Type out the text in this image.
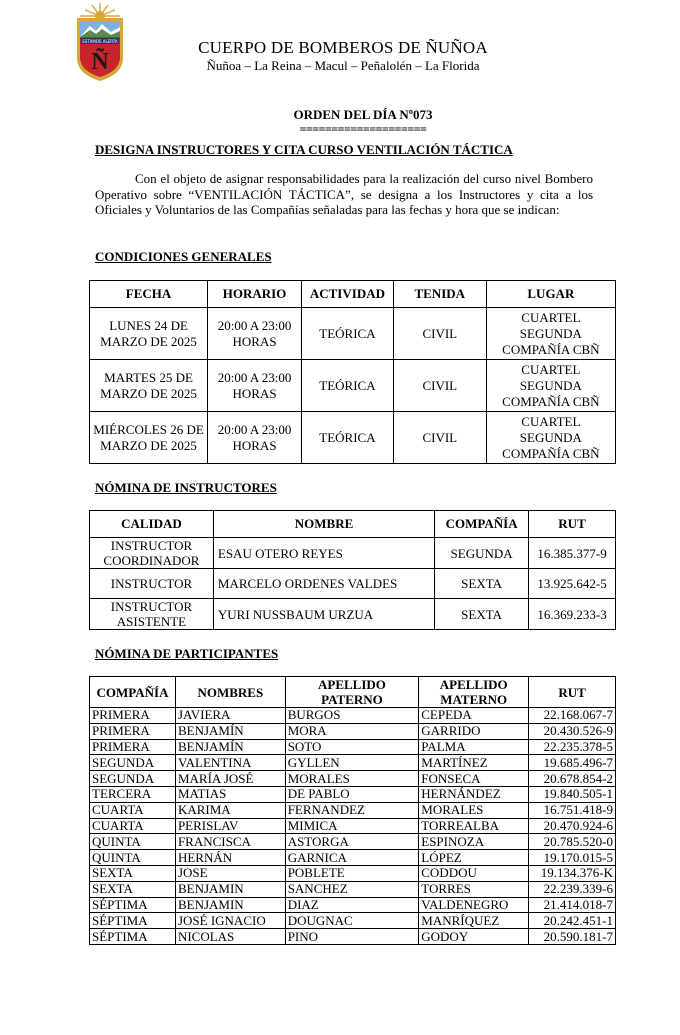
ESTAMOS ALERTA
Ñ
CUERPO DE BOMBEROS DE ÑUÑOA
Ñuñoa – La Reina – Macul – Peñalolén – La Florida
ORDEN DEL DÍA Nº073
====================
DESIGNA INSTRUCTORES Y CITA CURSO VENTILACIÓN TÁCTICA

Con el objeto de asignar responsabilidades para la realización del curso nivel Bombero Operativo sobre “VENTILACIÓN TÁCTICA”, se designa a los Instructores y cita a los Oficiales y Voluntarios de las Compañías señaladas para las fechas y hora que se indican:

CONDICIONES GENERALES
FECHA	HORARIO	ACTIVIDAD	TENIDA	LUGAR
LUNES 24 DE MARZO DE 2025	20:00 A 23:00 HORAS	TEÓRICA	CIVIL	CUARTEL SEGUNDA COMPAÑÍA CBÑ
MARTES 25 DE MARZO DE 2025	20:00 A 23:00 HORAS	TEÓRICA	CIVIL	CUARTEL SEGUNDA COMPAÑÍA CBÑ
MIÉRCOLES 26 DE MARZO DE 2025	20:00 A 23:00 HORAS	TEÓRICA	CIVIL	CUARTEL SEGUNDA COMPAÑÍA CBÑ
NÓMINA DE INSTRUCTORES
CALIDAD	NOMBRE	COMPAÑÍA	RUT
INSTRUCTOR COORDINADOR	ESAU OTERO REYES	SEGUNDA	16.385.377-9
INSTRUCTOR	MARCELO ORDENES VALDES	SEXTA	13.925.642-5
INSTRUCTOR ASISTENTE	YURI NUSSBAUM URZUA	SEXTA	16.369.233-3
NÓMINA DE PARTICIPANTES
COMPAÑÍA	NOMBRES	APELLIDO PATERNO	APELLIDO MATERNO	RUT
PRIMERA	JAVIERA	BURGOS	CEPEDA	22.168.067-7
PRIMERA	BENJAMÍN	MORA	GARRIDO	20.430.526-9
PRIMERA	BENJAMÍN	SOTO	PALMA	22.235.378-5
SEGUNDA	VALENTINA	GYLLEN	MARTÍNEZ	19.685.496-7
SEGUNDA	MARÍA JOSÉ	MORALES	FONSECA	20.678.854-2
TERCERA	MATIAS	DE PABLO	HERNÁNDEZ	19.840.505-1
CUARTA	KARIMA	FERNANDEZ	MORALES	16.751.418-9
CUARTA	PERISLAV	MIMICA	TORREALBA	20.470.924-6
QUINTA	FRANCISCA	ASTORGA	ESPINOZA	20.785.520-0
QUINTA	HERNÁN	GARNICA	LÓPEZ	19.170.015-5
SEXTA	JOSE	POBLETE	CODDOU	19.134.376-K
SEXTA	BENJAMIN	SANCHEZ	TORRES	22.239.339-6
SÉPTIMA	BENJAMIN	DIAZ	VALDENEGRO	21.414.018-7
SÉPTIMA	JOSÉ IGNACIO	DOUGNAC	MANRÍQUEZ	20.242.451-1
SÉPTIMA	NICOLAS	PINO	GODOY	20.590.181-7
